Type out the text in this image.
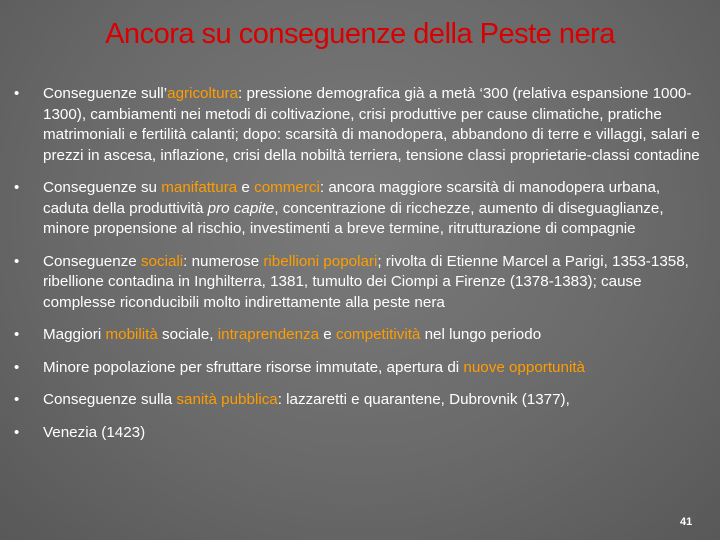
Ancora su conseguenze della Peste nera
•	Conseguenze sull’agricoltura: pressione demografica già a metà ‘300 (relativa espansione 1000-1300), cambiamenti nei metodi di coltivazione, crisi produttive per cause climatiche, pratiche matrimoniali e fertilità calanti; dopo: scarsità di manodopera, abbandono di terre e villaggi, salari e prezzi in ascesa, inflazione, crisi della nobiltà terriera, tensione classi proprietarie-classi contadine
•	Conseguenze su manifattura e commerci: ancora maggiore scarsità di manodopera urbana, caduta della produttività pro capite, concentrazione di ricchezze, aumento di diseguaglianze, minore propensione al rischio, investimenti a breve termine, ritrutturazione di compagnie
•	Conseguenze sociali: numerose ribellioni popolari; rivolta di Etienne Marcel a Parigi, 1353-1358, ribellione contadina in Inghilterra, 1381, tumulto dei Ciompi a Firenze (1378-1383); cause complesse riconducibili molto indirettamente alla peste nera
•	Maggiori mobilità sociale, intraprendenza e competitività nel lungo periodo
•	Minore popolazione per sfruttare risorse immutate, apertura di nuove opportunità
•	Conseguenze sulla sanità pubblica: lazzaretti e quarantene, Dubrovnik (1377),
•	Venezia (1423)
41
